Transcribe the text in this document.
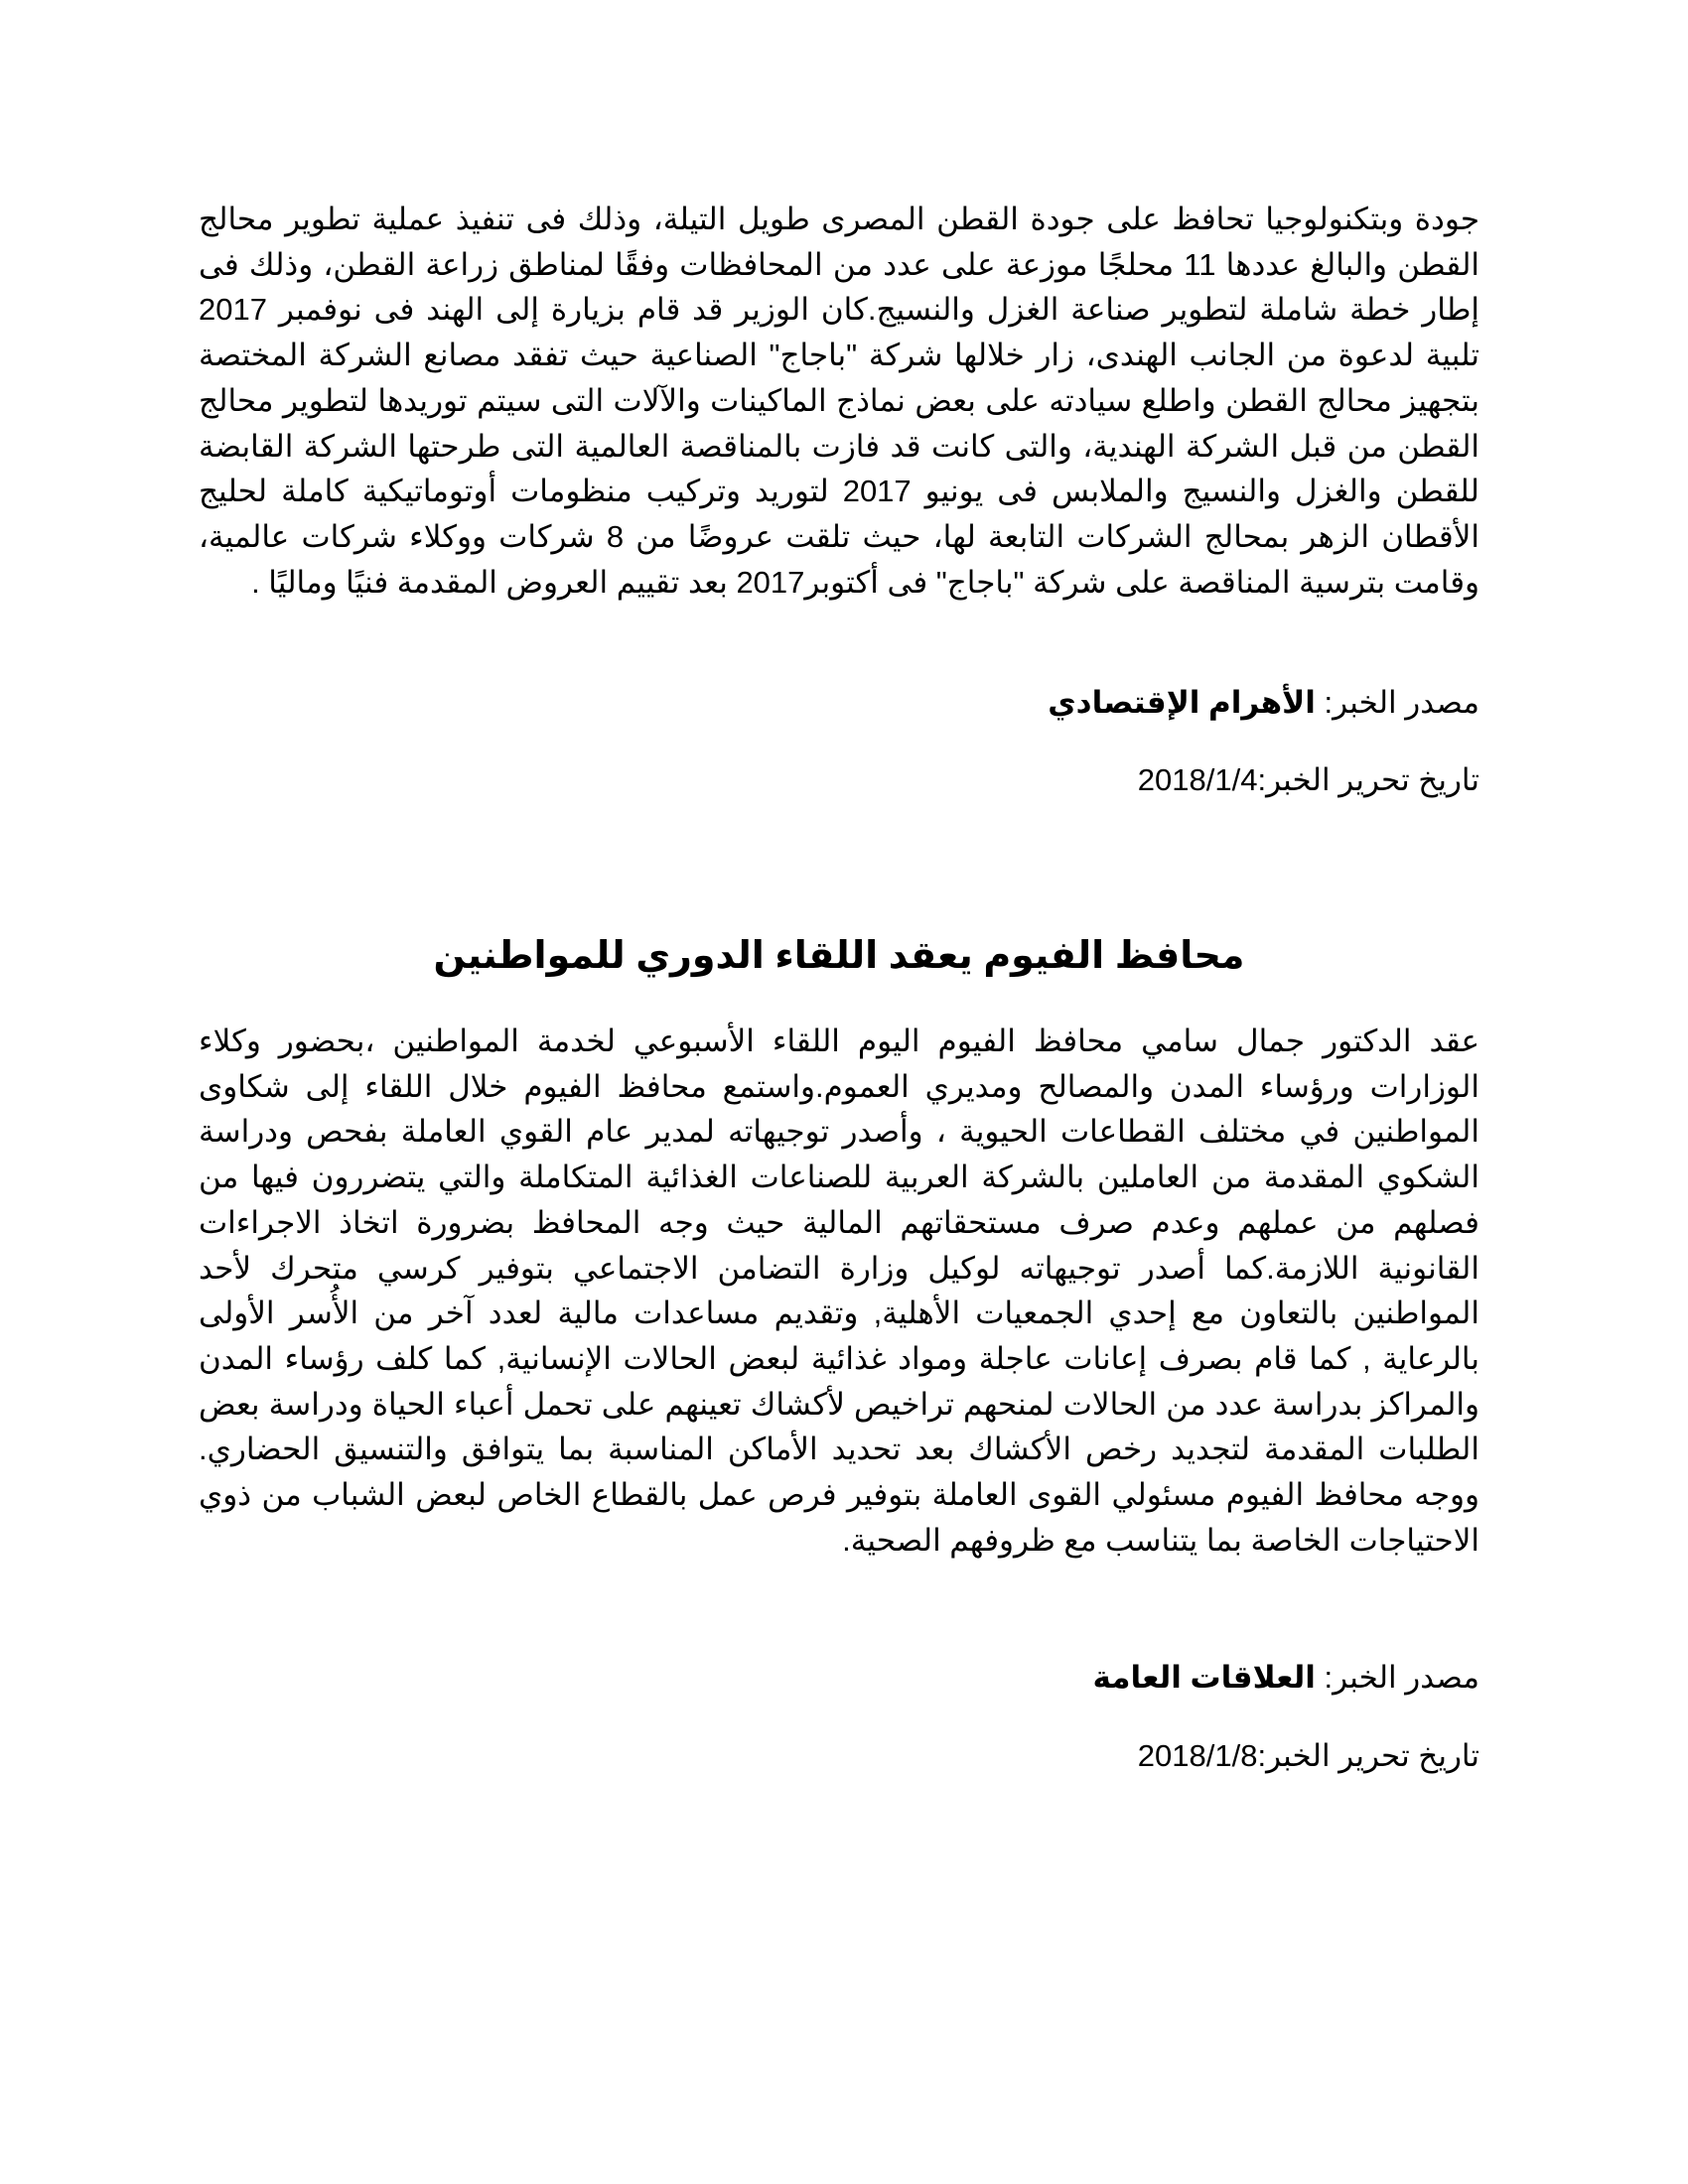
جودة وبتكنولوجيا تحافظ على جودة القطن المصرى طويل التيلة، وذلك فى تنفيذ عملية تطوير محالج القطن والبالغ عددها 11 محلجًا موزعة على عدد من المحافظات وفقًا لمناطق زراعة القطن، وذلك فى إطار خطة شاملة لتطوير صناعة الغزل والنسيج.كان الوزير قد قام بزيارة إلى الهند فى نوفمبر 2017 تلبية لدعوة من الجانب الهندى، زار خلالها شركة "باجاج" الصناعية حيث تفقد مصانع الشركة المختصة بتجهيز محالج القطن واطلع سيادته على بعض نماذج الماكينات والآلات التى سيتم توريدها لتطوير محالج القطن من قبل الشركة الهندية، والتى كانت قد فازت بالمناقصة العالمية التى طرحتها الشركة القابضة للقطن والغزل والنسيج والملابس فى يونيو 2017 لتوريد وتركيب منظومات أوتوماتيكية كاملة لحليج الأقطان الزهر بمحالج الشركات التابعة لها، حيث تلقت عروضًا من 8 شركات ووكلاء شركات عالمية، وقامت بترسية المناقصة على شركة "باجاج" فى أكتوبر2017 بعد تقييم العروض المقدمة فنيًا وماليًا .

مصدر الخبر: الأهرام الإقتصادي

تاريخ تحرير الخبر:2018/1/4

محافظ الفيوم يعقد اللقاء الدوري للمواطنين

عقد الدكتور جمال سامي محافظ الفيوم اليوم اللقاء الأسبوعي لخدمة المواطنين ،بحضور وكلاء الوزارات ورؤساء المدن والمصالح ومديري العموم.واستمع محافظ الفيوم خلال اللقاء إلى شكاوى المواطنين في مختلف القطاعات الحيوية ، وأصدر توجيهاته لمدير عام القوي العاملة بفحص ودراسة الشكوي المقدمة من العاملين بالشركة العربية للصناعات الغذائية المتكاملة والتي يتضررون فيها من فصلهم من عملهم وعدم صرف مستحقاتهم المالية حيث وجه المحافظ بضرورة اتخاذ الاجراءات القانونية اللازمة.كما أصدر توجيهاته لوكيل وزارة التضامن الاجتماعي بتوفير كرسي متحرك لأحد المواطنين بالتعاون مع إحدي الجمعيات الأهلية, وتقديم مساعدات مالية لعدد آخر من الأُسر الأولى بالرعاية , كما قام بصرف إعانات عاجلة ومواد غذائية لبعض الحالات الإنسانية, كما كلف رؤساء المدن والمراكز بدراسة عدد من الحالات لمنحهم تراخيص لأكشاك تعينهم على تحمل أعباء الحياة ودراسة بعض الطلبات المقدمة لتجديد رخص الأكشاك بعد تحديد الأماكن المناسبة بما يتوافق والتنسيق الحضاري. ووجه محافظ الفيوم مسئولي القوى العاملة بتوفير فرص عمل بالقطاع الخاص لبعض الشباب من ذوي الاحتياجات الخاصة بما يتناسب مع ظروفهم الصحية.

مصدر الخبر: العلاقات العامة

تاريخ تحرير الخبر:2018/1/8
